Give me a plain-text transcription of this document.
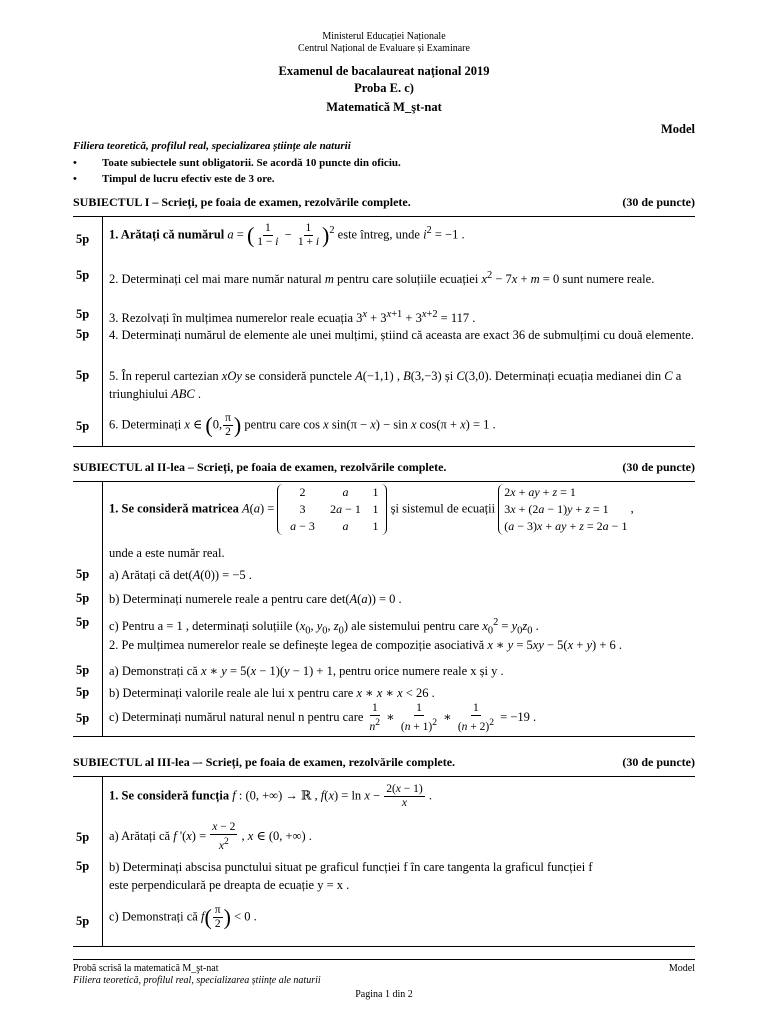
Ministerul Educației Naționale
Centrul Național de Evaluare și Examinare
Examenul de bacalaureat național 2019
Proba E. c)
Matematică M_şt-nat
Model
Filiera teoretică, profilul real, specializarea științe ale naturii
• Toate subiectele sunt obligatorii. Se acordă 10 puncte din oficiu.
• Timpul de lucru efectiv este de 3 ore.
SUBIECTUL I – Scrieți, pe foaia de examen, rezolvările complete.	(30 de puncte)
5p	1. Arătați că numărul a = ( $\frac{1}{1 - i} - \frac{1}{1 + i} )^2$ este întreg, unde $i^2 = -1$ .
5p	2. Determinați cel mai mare număr natural m pentru care soluțiile ecuației $x^2 - 7x + m = 0$ sunt numere reale.
5p	3. Rezolvați în mulțimea numerelor reale ecuația $3^x + 3^{x+1} + 3^{x+2} = 117$ .
5p	4. Determinați numărul de elemente ale unei mulțimi, știind că aceasta are exact 36 de submulțimi cu două elemente.
5p	5. În reperul cartezian xOy se consideră punctele A(−1,1) , B(3,−3) și C(3,0). Determinați ecuația medianei din C a triunghiului ABC .
5p	6. Determinați x ∈ (0, $\frac{\pi}{2}$ ) pentru care cos x sin(π − x) − sin x cos(π + x) = 1 .
SUBIECTUL al II-lea – Scrieți, pe foaia de examen, rezolvările complete.	(30 de puncte)
1. Se consideră matricea A(a) =
2	a	1
3	2a − 1 1
a − 3	a	1
și sistemul de ecuații 2x + ay + z = 1
3x + (2a − 1)y + z = 1
(a − 3)x + ay + z = 2a − 1 ,
unde a este număr real.
5p	a) Arătați că det(A(0)) = −5 .
5p	b) Determinați numerele reale a pentru care det(A(a)) = 0 .
5p	c) Pentru a = 1 , determinați soluțiile ($x_0$, $y_0$, $z_0$) ale sistemului pentru care $x_0^2 = y_0z_0$ .
2. Pe mulțimea numerelor reale se definește legea de compoziție asociativă x ∗ y = 5xy − 5(x + y) + 6 .
5p	a) Demonstrați că x ∗ y = 5(x − 1)(y − 1) + 1, pentru orice numere reale x și y .
5p	b) Determinați valorile reale ale lui x pentru care x ∗ x ∗ x < 26 .
5p	c) Determinați numărul natural nenul n pentru care $\frac{1}{n^2}$ ∗ $\frac{1}{(n + 1)^2}$ ∗ $\frac{1}{(n + 2)^2} = -19$ .
SUBIECTUL al III-lea –- Scrieți, pe foaia de examen, rezolvările complete.	(30 de puncte)
1. Se consideră funcția f : (0, +∞) → ℝ , $f(x) = \ln x - \frac{2(x - 1)}{x}$ .
5p	a) Arătați că f '$(x) = \frac{x - 2}{x^2}$ , x ∈ (0, +∞) .
5p	b) Determinați abscisa punctului situat pe graficul funcției f în care tangenta la graficul funcției f
este perpendiculară pe dreapta de ecuație y = x .
5p	c) Demonstrați că $f( \frac{\pi}{2}$ ) < 0 .
Probă scrisă la matematică M_şt-nat	Model
Filiera teoretică, profilul real, specializarea științe ale naturii
Pagina 1 din 2
